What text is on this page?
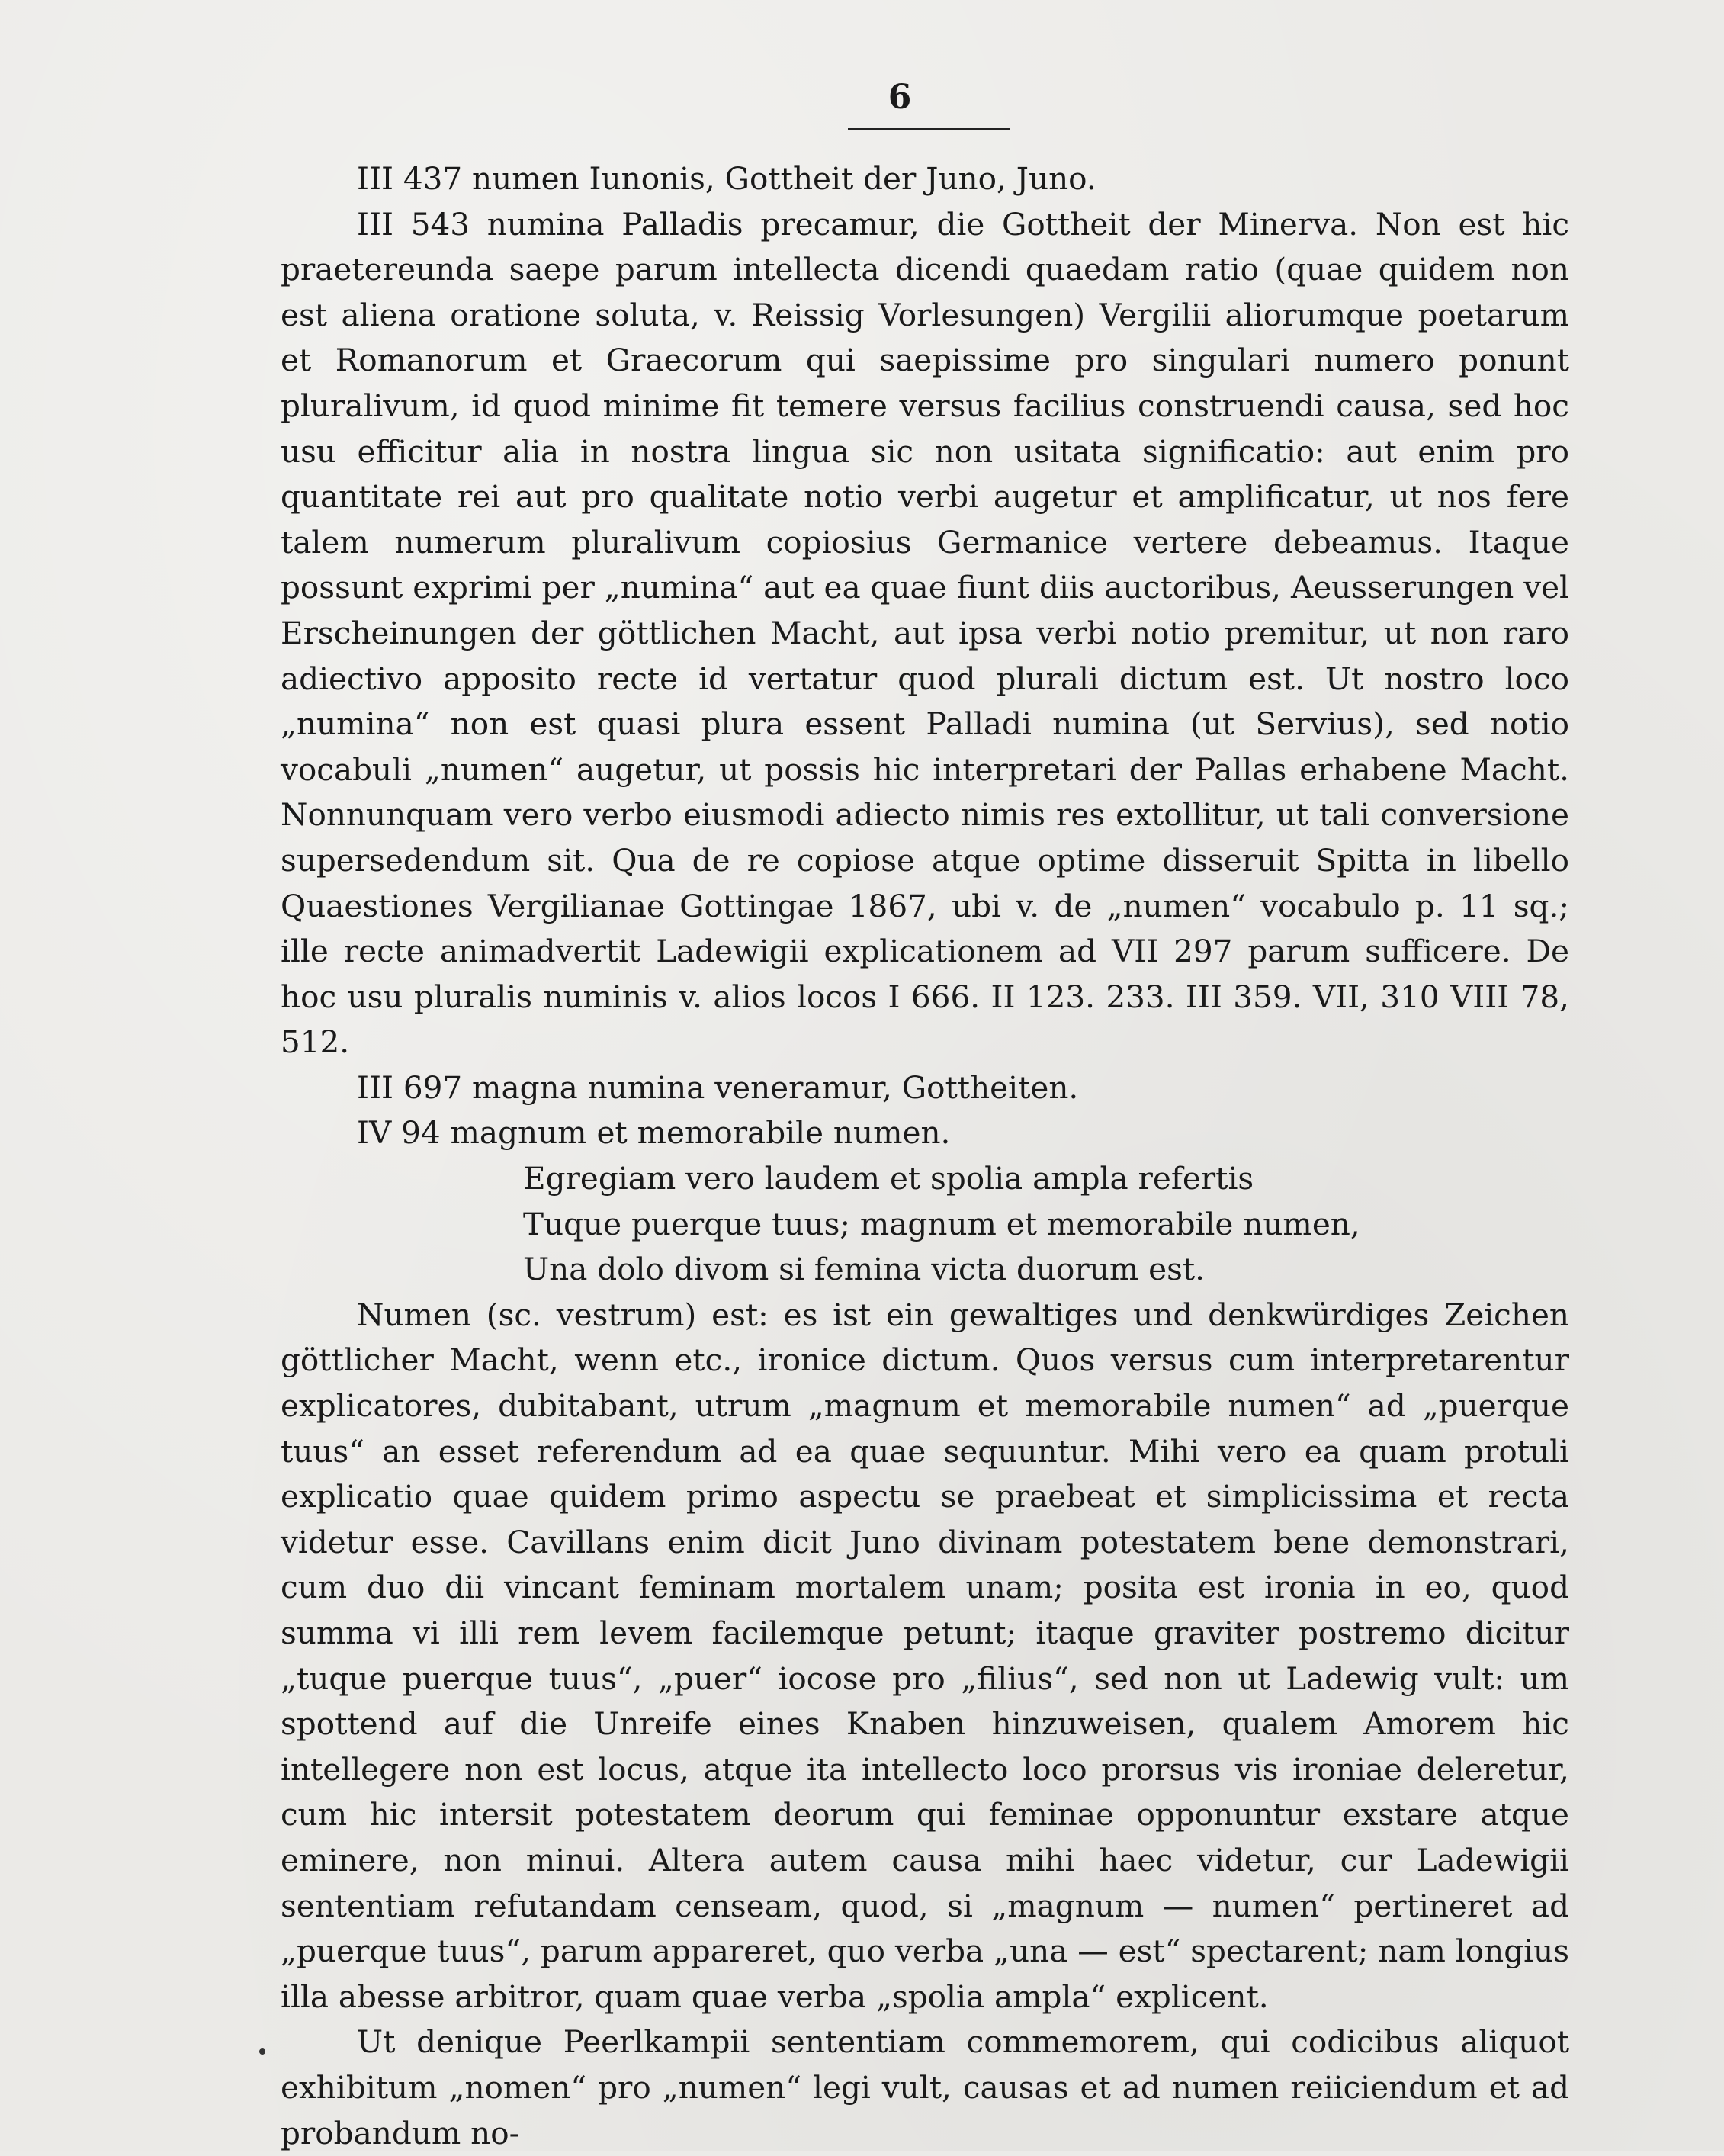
6

III 437 numen Iunonis, Gottheit der Juno, Juno.

III 543 numina Palladis precamur, die Gottheit der Minerva. Non est hic praetereunda saepe parum intellecta dicendi quaedam ratio (quae quidem non est aliena oratione soluta, v. Reissig Vorlesungen) Vergilii aliorumque poetarum et Romanorum et Graecorum qui saepissime pro singulari numero ponunt pluralivum, id quod minime fit temere versus facilius construendi causa, sed hoc usu efficitur alia in nostra lingua sic non usitata significatio: aut enim pro quantitate rei aut pro qualitate notio verbi augetur et amplificatur, ut nos fere talem numerum pluralivum copiosius Germanice vertere debeamus. Itaque possunt exprimi per „numina“ aut ea quae fiunt diis auctoribus, Aeusserungen vel Erscheinungen der göttlichen Macht, aut ipsa verbi notio premitur, ut non raro adiectivo apposito recte id vertatur quod plurali dictum est. Ut nostro loco „numina“ non est quasi plura essent Palladi numina (ut Servius), sed notio vocabuli „numen“ augetur, ut possis hic interpretari der Pallas erhabene Macht. Nonnunquam vero verbo eiusmodi adiecto nimis res extollitur, ut tali conversione supersedendum sit. Qua de re copiose atque optime disseruit Spitta in libello Quaestiones Vergilianae Gottingae 1867, ubi v. de „numen“ vocabulo p. 11 sq.; ille recte animadvertit Ladewigii explicationem ad VII 297 parum sufficere. De hoc usu pluralis numinis v. alios locos I 666. II 123. 233. III 359. VII, 310 VIII 78, 512.

III 697 magna numina veneramur, Gottheiten.

IV 94 magnum et memorabile numen.

Egregiam vero laudem et spolia ampla refertis

Tuque puerque tuus; magnum et memorabile numen,

Una dolo divom si femina victa duorum est.

Numen (sc. vestrum) est: es ist ein gewaltiges und denkwürdiges Zeichen göttlicher Macht, wenn etc., ironice dictum. Quos versus cum interpretarentur explicatores, dubitabant, utrum „magnum et memorabile numen“ ad „puerque tuus“ an esset referendum ad ea quae sequuntur. Mihi vero ea quam protuli explicatio quae quidem primo aspectu se praebeat et simplicissima et recta videtur esse. Cavillans enim dicit Juno divinam potestatem bene demonstrari, cum duo dii vincant feminam mortalem unam; posita est ironia in eo, quod summa vi illi rem levem facilemque petunt; itaque graviter postremo dicitur „tuque puerque tuus“, „puer“ iocose pro „filius“, sed non ut Ladewig vult: um spottend auf die Unreife eines Knaben hinzuweisen, qualem Amorem hic intellegere non est locus, atque ita intellecto loco prorsus vis ironiae deleretur, cum hic intersit potestatem deorum qui feminae opponuntur exstare atque eminere, non minui. Altera autem causa mihi haec videtur, cur Ladewigii sententiam refutandam censeam, quod, si „magnum — numen“ pertineret ad „puerque tuus“, parum appareret, quo verba „una — est“ spectarent; nam longius illa abesse arbitror, quam quae verba „spolia ampla“ explicent.

Ut denique Peerlkampii sententiam commemorem, qui codicibus aliquot exhibitum „nomen“ pro „numen“ legi vult, causas et ad numen reiiciendum et ad probandum no-
